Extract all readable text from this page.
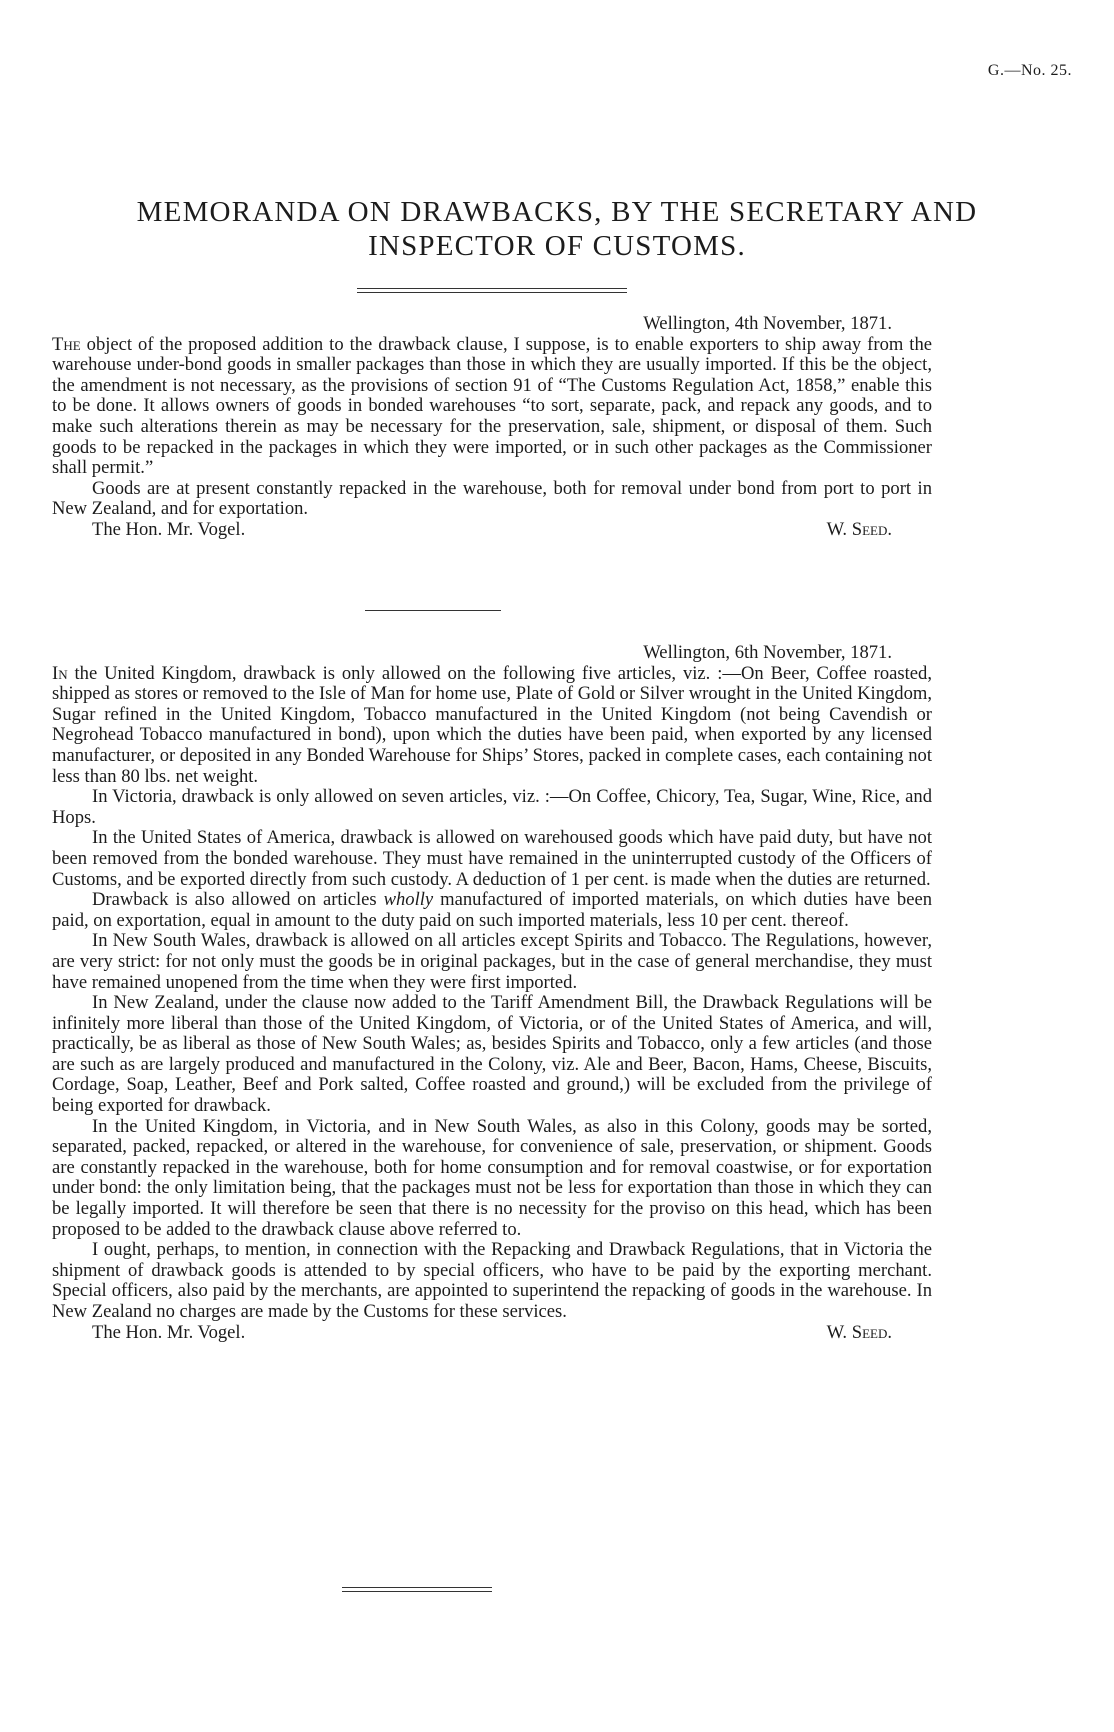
G.—No. 25.
MEMORANDA ON DRAWBACKS, BY THE SECRETARY AND
INSPECTOR OF CUSTOMS.

Wellington, 4th November, 1871.

The object of the proposed addition to the drawback clause, I suppose, is to enable exporters to ship away from the warehouse under-bond goods in smaller packages than those in which they are usually imported. If this be the object, the amendment is not necessary, as the provisions of section 91 of “The Customs Regulation Act, 1858,” enable this to be done. It allows owners of goods in bonded warehouses “to sort, separate, pack, and repack any goods, and to make such alterations therein as may be necessary for the preservation, sale, shipment, or disposal of them. Such goods to be repacked in the packages in which they were imported, or in such other packages as the Commissioner shall permit.”

Goods are at present constantly repacked in the warehouse, both for removal under bond from port to port in New Zealand, and for exportation.

The Hon. Mr. Vogel.	W. Seed.

Wellington, 6th November, 1871.

In the United Kingdom, drawback is only allowed on the following five articles, viz. :—On Beer, Coffee roasted, shipped as stores or removed to the Isle of Man for home use, Plate of Gold or Silver wrought in the United Kingdom, Sugar refined in the United Kingdom, Tobacco manufactured in the United Kingdom (not being Cavendish or Negrohead Tobacco manufactured in bond), upon which the duties have been paid, when exported by any licensed manufacturer, or deposited in any Bonded Warehouse for Ships’ Stores, packed in complete cases, each containing not less than 80 lbs. net weight.

In Victoria, drawback is only allowed on seven articles, viz. :—On Coffee, Chicory, Tea, Sugar, Wine, Rice, and Hops.

In the United States of America, drawback is allowed on warehoused goods which have paid duty, but have not been removed from the bonded warehouse. They must have remained in the uninterrupted custody of the Officers of Customs, and be exported directly from such custody. A deduction of 1 per cent. is made when the duties are returned.

Drawback is also allowed on articles wholly manufactured of imported materials, on which duties have been paid, on exportation, equal in amount to the duty paid on such imported materials, less 10 per cent. thereof.

In New South Wales, drawback is allowed on all articles except Spirits and Tobacco. The Regulations, however, are very strict: for not only must the goods be in original packages, but in the case of general merchandise, they must have remained unopened from the time when they were first imported.

In New Zealand, under the clause now added to the Tariff Amendment Bill, the Drawback Regulations will be infinitely more liberal than those of the United Kingdom, of Victoria, or of the United States of America, and will, practically, be as liberal as those of New South Wales; as, besides Spirits and Tobacco, only a few articles (and those are such as are largely produced and manufactured in the Colony, viz. Ale and Beer, Bacon, Hams, Cheese, Biscuits, Cordage, Soap, Leather, Beef and Pork salted, Coffee roasted and ground,) will be excluded from the privilege of being exported for drawback.

In the United Kingdom, in Victoria, and in New South Wales, as also in this Colony, goods may be sorted, separated, packed, repacked, or altered in the warehouse, for convenience of sale, preservation, or shipment. Goods are constantly repacked in the warehouse, both for home consumption and for removal coastwise, or for exportation under bond: the only limitation being, that the packages must not be less for exportation than those in which they can be legally imported. It will therefore be seen that there is no necessity for the proviso on this head, which has been proposed to be added to the drawback clause above referred to.

I ought, perhaps, to mention, in connection with the Repacking and Drawback Regulations, that in Victoria the shipment of drawback goods is attended to by special officers, who have to be paid by the exporting merchant. Special officers, also paid by the merchants, are appointed to superintend the repacking of goods in the warehouse. In New Zealand no charges are made by the Customs for these services.

The Hon. Mr. Vogel.	W. Seed.
